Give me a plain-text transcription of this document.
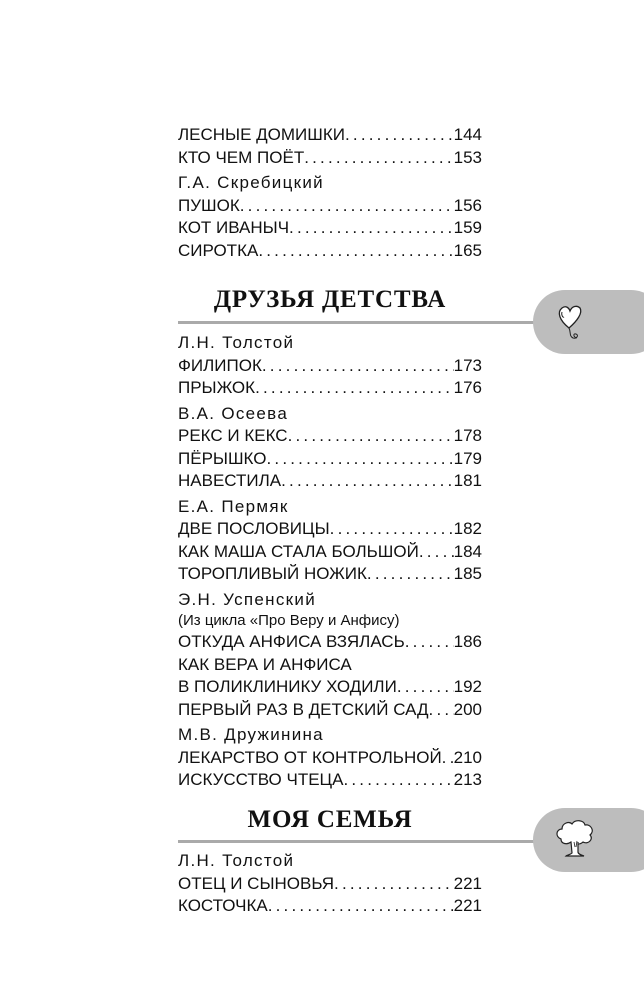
ЛЕСНЫЕ ДОМИШКИ .....	144
КТО ЧЕМ ПОЁТ .....	153
Г.А. Скребицкий
ПУШОК .....	156
КОТ ИВАНЫЧ .....	159
СИРОТКА .....	165
ДРУЗЬЯ ДЕТСТВА
Л.Н. Толстой
ФИЛИПОК .....	173
ПРЫЖОК .....	176
В.А. Осеева
РЕКС И КЕКС .....	178
ПЁРЫШКО .....	179
НАВЕСТИЛА .....	181
Е.А. Пермяк
ДВЕ ПОСЛОВИЦЫ .....	182
КАК МАША СТАЛА БОЛЬШОЙ ..... 184
ТОРОПЛИВЫЙ НОЖИК .....	185
Э.Н. Успенский
(Из цикла «Про Веру и Анфису)
ОТКУДА АНФИСА ВЗЯЛАСЬ .....	186
КАК ВЕРА И АНФИСА
В ПОЛИКЛИНИКУ ХОДИЛИ .....	192
ПЕРВЫЙ РАЗ В ДЕТСКИЙ САД ..... 200
М.В. Дружинина
ЛЕКАРСТВО ОТ КОНТРОЛЬНОЙ ..... 210
ИСКУССТВО ЧТЕЦА .....	213
МОЯ СЕМЬЯ
Л.Н. Толстой
ОТЕЦ И СЫНОВЬЯ .....	221
КОСТОЧКА .....	221
